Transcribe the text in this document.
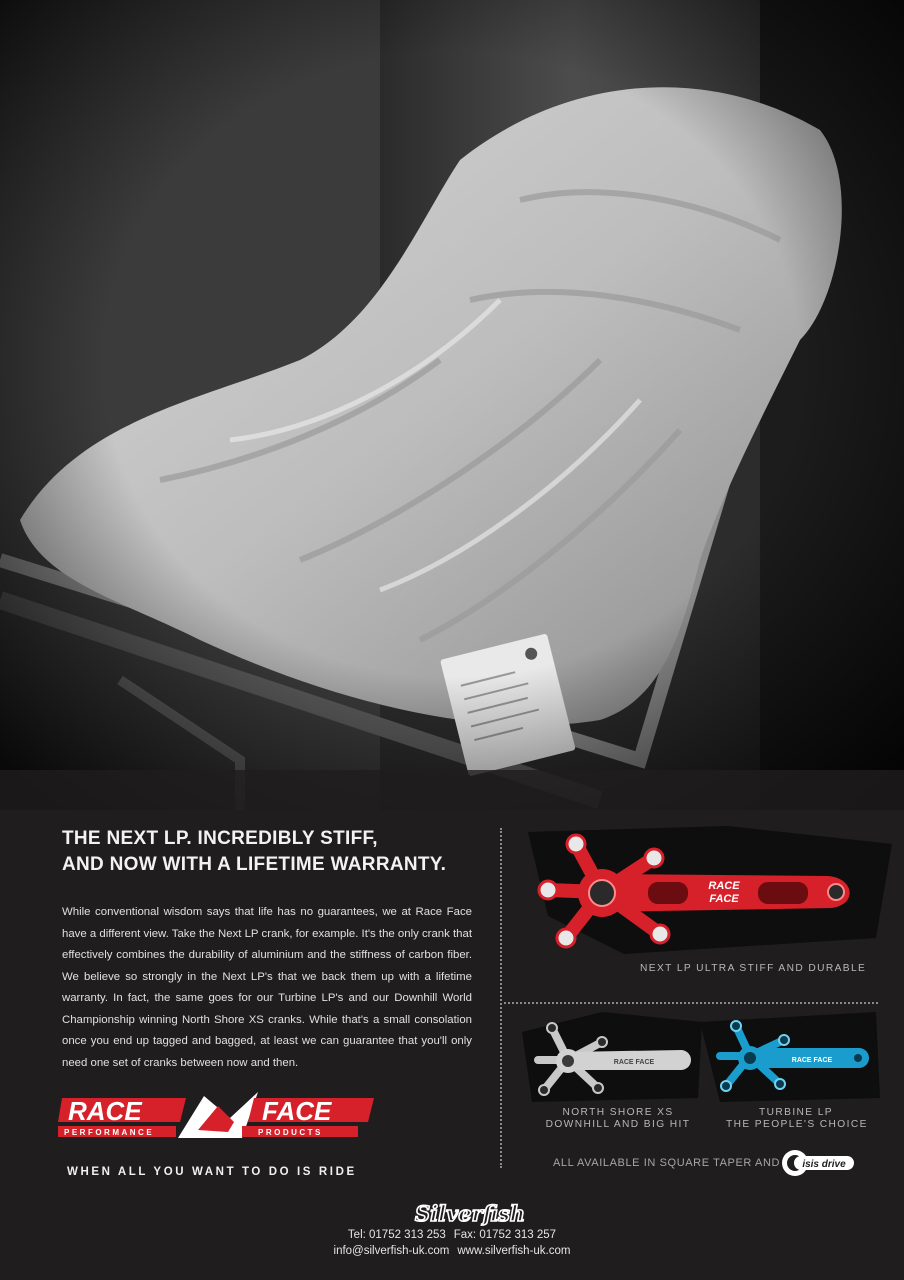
THE NEXT LP. INCREDIBLY STIFF,
AND NOW WITH A LIFETIME WARRANTY.
While conventional wisdom says that life has no guarantees, we at Race Face have a different view. Take the Next LP crank, for example. It's the only crank that effectively combines the durability of aluminium and the stiffness of carbon fiber. We believe so strongly in the Next LP's that we back them up with a lifetime warranty. In fact, the same goes for our Turbine LP's and our Downhill World Championship winning North Shore XS cranks. While that's a small consolation once you end up tagged and bagged, at least we can guarantee that you'll only need one set of cranks between now and then.
RACE
PERFORMANCE
FACE
PRODUCTS
WHEN ALL YOU WANT TO DO IS RIDE
RACE
FACE
NEXT LP ULTRA STIFF AND DURABLE
RACE FACE
NORTH SHORE XS
DOWNHILL AND BIG HIT
RACE FACE
TURBINE LP
THE PEOPLE'S CHOICE
ALL AVAILABLE IN SQUARE TAPER AND isis drive
Silverfish
Tel: 01752 313 253 Fax: 01752 313 257
info@silverfish-uk.com www.silverfish-uk.com
